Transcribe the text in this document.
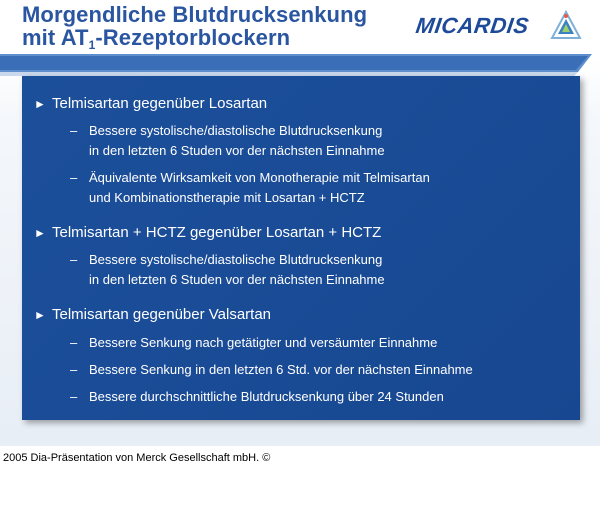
Morgendliche Blutdrucksenkung
mit $AT_1$-Rezeptorblockern	MICARDIS
► Telmisartan gegenüber Losartan
– Bessere systolische/diastolische Blutdrucksenkung
in den letzten 6 Studen vor der nächsten Einnahme
– Äquivalente Wirksamkeit von Monotherapie mit Telmisartan
und Kombinationstherapie mit Losartan + HCTZ
► Telmisartan + HCTZ gegenüber Losartan + HCTZ
– Bessere systolische/diastolische Blutdrucksenkung
in den letzten 6 Studen vor der nächsten Einnahme
► Telmisartan gegenüber Valsartan
– Bessere Senkung nach getätigter und versäumter Einnahme
– Bessere Senkung in den letzten 6 Std. vor der nächsten Einnahme
– Bessere durchschnittliche Blutdrucksenkung über 24 Stunden

2005 Dia-Präsentation von Merck Gesellschaft mbH. ©
